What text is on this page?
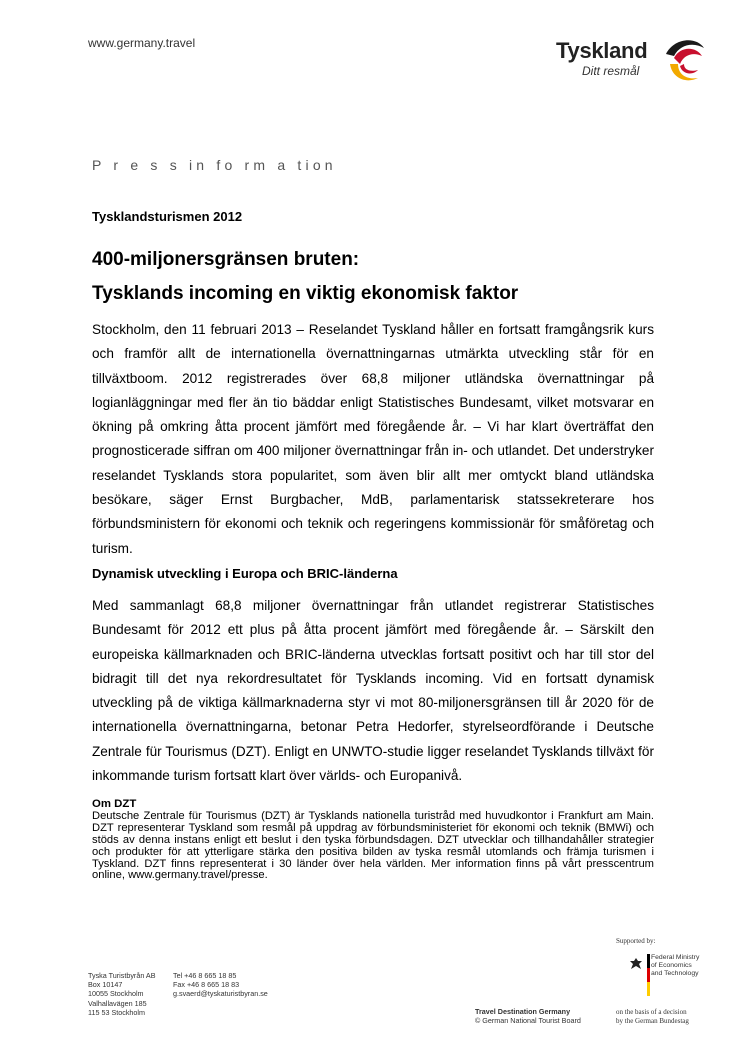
www.germany.travel	Tyskland
Ditt resmål
P r e s s in fo rm a tion
Tysklandsturismen 2012
400-miljonersgränsen bruten:
Tysklands incoming en viktig ekonomisk faktor

Stockholm, den 11 februari 2013 – Reselandet Tyskland håller en fortsatt framgångsrik kurs och framför allt de internationella övernattningarnas utmärkta utveckling står för en tillväxtboom. 2012 registrerades över 68,8 miljoner utländska övernattningar på logianläggningar med fler än tio bäddar enligt Statistisches Bundesamt, vilket motsvarar en ökning på omkring åtta procent jämfört med föregående år. – Vi har klart överträffat den prognosticerade siffran om 400 miljoner övernattningar från in- och utlandet. Det understryker reselandet Tysklands stora popularitet, som även blir allt mer omtyckt bland utländska besökare, säger Ernst Burgbacher, MdB, parlamentarisk statssekreterare hos förbundsministern för ekonomi och teknik och regeringens kommissionär för småföretag och turism.

Dynamisk utveckling i Europa och BRIC-länderna

Med sammanlagt 68,8 miljoner övernattningar från utlandet registrerar Statistisches Bundesamt för 2012 ett plus på åtta procent jämfört med föregående år. – Särskilt den europeiska källmarknaden och BRIC-länderna utvecklas fortsatt positivt och har till stor del bidragit till det nya rekordresultatet för Tysklands incoming. Vid en fortsatt dynamisk utveckling på de viktiga källmarknaderna styr vi mot 80-miljonersgränsen till år 2020 för de internationella övernattningarna, betonar Petra Hedorfer, styrelseordförande i Deutsche Zentrale für Tourismus (DZT). Enligt en UNWTO-studie ligger reselandet Tysklands tillväxt för inkommande turism fortsatt klart över världs- och Europanivå.

Om DZT
Deutsche Zentrale für Tourismus (DZT) är Tysklands nationella turistråd med huvudkontor i Frankfurt am Main. DZT representerar Tyskland som resmål på uppdrag av förbundsministeriet för ekonomi och teknik (BMWi) och stöds av denna instans enligt ett beslut i den tyska förbundsdagen. DZT utvecklar och tillhandahåller strategier och produkter för att ytterligare stärka den positiva bilden av tyska resmål utomlands och främja turismen i Tyskland. DZT finns representerat i 30 länder över hela världen. Mer information finns på vårt presscentrum online, www.germany.travel/presse.
Tyska Turistbyrån AB
Box 10147
10055 Stockholm
Valhallavägen 185
115 53 Stockholm
Tel +46 8 665 18 85
Fax +46 8 665 18 83
g.svaerd@tyskaturistbyran.se
Travel Destination Germany
© German National Tourist Board
Supported by:
Federal Ministry
of Economics
and Technology
on the basis of a decision
by the German Bundestag
